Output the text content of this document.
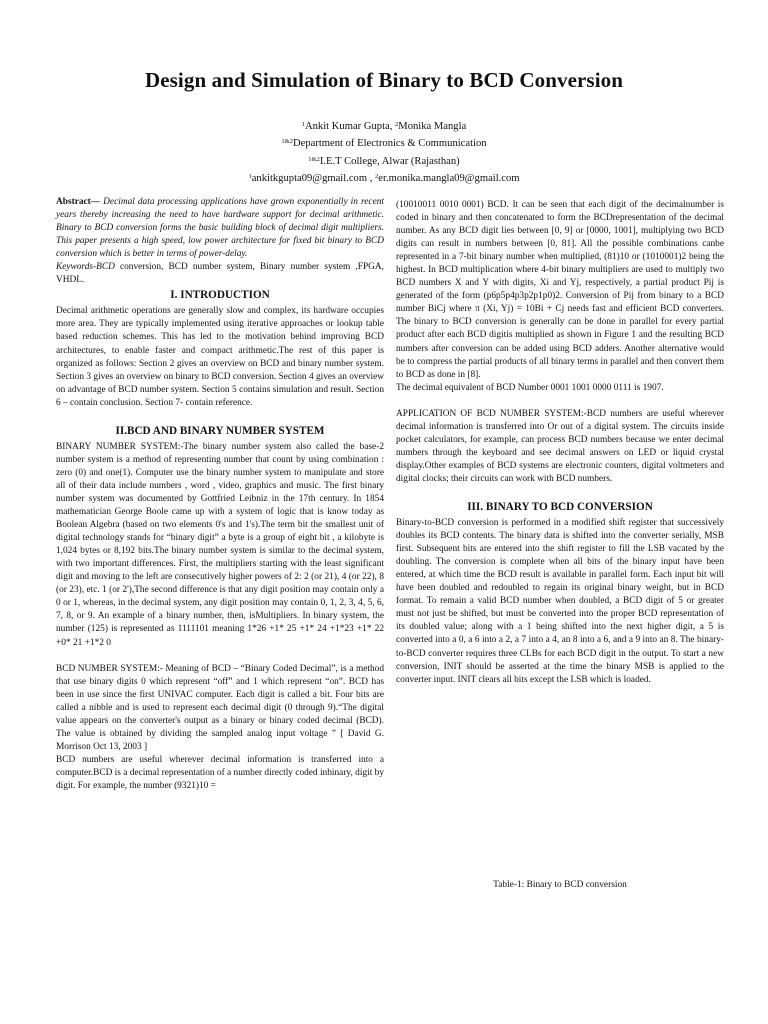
Design and Simulation of Binary to BCD Conversion
$^1$Ankit Kumar Gupta, $^2$Monika Mangla
$^{1\&2}$Department of Electronics & Communication
$^{1\&2}$I.E.T College, Alwar (Rajasthan)
$^1$ankitkgupta09@gmail.com , $^2$er.monika.mangla09@gmail.com

Abstract— Decimal data processing applications have grown exponentially in recent years thereby increasing the need to have hardware support for decimal arithmetic. Binary to BCD conversion forms the basic building block of decimal digit multipliers. This paper presents a high speed, low power architecture for fixed bit binary to BCD conversion which is better in terms of power-delay.

Keywords-BCD conversion, BCD number system, Binary number system ,FPGA, VHDL.

I. INTRODUCTION

Decimal arithmetic operations are generally slow and complex, its hardware occupies more area. They are typically implemented using iterative approaches or lookup table based reduction schemes. This has led to the motivation behind improving BCD architectures, to enable faster and compact arithmetic.The rest of this paper is organized as follows: Section 2 gives an overview on BCD and binary number system. Section 3 gives an overview on binary to BCD conversion. Section 4 gives an overview on advantage of BCD number system. Section 5 contains simulation and result. Section 6 – contain conclusion. Section 7- contain reference.

II.BCD AND BINARY NUMBER SYSTEM

BINARY NUMBER SYSTEM:-The binary number system also called the base-2 number system is a method of representing number that count by using combination : zero (0) and one(1). Computer use the binary number system to manipulate and store all of their data include numbers , word , video, graphics and music. The first binary number system was documented by Gottfried Leibniz in the 17th century. In 1854 mathematician George Boole came up with a system of logic that is know today as Boolean Algebra (based on two elements 0's and 1's).The term bit the smallest unit of digital technology stands for “binary digit” a byte is a group of eight bit , a kilobyte is 1,024 bytes or 8,192 bits.The binary number system is similar to the decimal system, with two important differences. First, the multipliers starting with the least significant digit and moving to the left are consecutively higher powers of 2: 2 (or 21), 4 (or 22), 8 (or 23), etc. 1 (or 2'),The second difference is that any digit position may contain only a 0 or 1, whereas, in the decimal system, any digit position may contain 0, 1, 2, 3, 4, 5, 6, 7, 8, or 9. An example of a binary number, then, isMultipliers. In binary system, the number (125) is represented as 1111101 meaning 1*26 +1* 25 +1* 24 +1*23 +1* 22 +0* 21 +1*2 0

BCD NUMBER SYSTEM:- Meaning of BCD – “Binary Coded Decimal”, is a method that use binary digits 0 which represent “off” and 1 which represent “on”. BCD has been in use since the first UNIVAC computer. Each digit is called a bit. Four bits are called a nibble and is used to represent each decimal digit (0 through 9).“The digital value appears on the converter's output as a binary or binary coded decimal (BCD). The value is obtained by dividing the sampled analog input voltage ” [ David G. Morrison Oct 13, 2003 ]

BCD numbers are useful wherever decimal information is transferred into a computer.BCD is a decimal representation of a number directly coded inbinary, digit by digit. For example, the number (9321)10 =

(10010011 0010 0001) BCD. It can be seen that each digit of the decimalnumber is coded in binary and then concatenated to form the BCDrepresentation of the decimal number. As any BCD digit lies between [0, 9] or [0000, 1001], multiplying two BCD digits can result in numbers between [0, 81]. All the possible combinations canbe represented in a 7-bit binary number when multiplied, (81)10 or (1010001)2 being the highest. In BCD multiplication where 4-bit binary multipliers are used to multiply two BCD numbers X and Y with digits, Xi and Yj, respectively, a partial product Pij is generated of the form (p6p5p4p3p2p1p0)2. Conversion of Pij from binary to a BCD number BiCj where π (Xi, Yj) = 10Bi + Cj needs fast and efficient BCD converters. The binary to BCD conversion is generally can be done in parallel for every partial product after each BCD digitis multiplied as shown in Figure 1 and the resulting BCD numbers after conversion can be added using BCD adders. Another alternative would be to compress the partial products of all binary terms in parallel and then convert them to BCD as done in [8].

The decimal equivalent of BCD Number 0001 1001 0000 0111 is 1907.

APPLICATION OF BCD NUMBER SYSTEM:-BCD numbers are useful wherever decimal information is transferred into Or out of a digital system. The circuits inside pocket calculators, for example, can process BCD numbers because we enter decimal numbers through the keyboard and see decimal answers on LED or liquid crystal display.Other examples of BCD systems are electronic counters, digital voltmeters and digital clocks; their circuits can work with BCD numbers.

III. BINARY TO BCD CONVERSION

Binary-to-BCD conversion is performed in a modified shift register that successively doubles its BCD contents. The binary data is shifted into the converter serially, MSB first. Subsequent bits are entered into the shift register to fill the LSB vacated by the doubling. The conversion is complete when all bits of the binary input have been entered, at which time the BCD result is available in parallel form. Each input bit will have been doubled and redoubled to regain its original binary weight, but in BCD format. To remain a valid BCD number when doubled, a BCD digit of 5 or greater must not just be shifted, but must be converted into the proper BCD representation of its doubled value; along with a 1 being shifted into the next higher digit, a 5 is converted into a 0, a 6 into a 2, a 7 into a 4, an 8 into a 6, and a 9 into an 8. The binary-to-BCD converter requires three CLBs for each BCD digit in the output. To start a new conversion, INIT should be asserted at the time the binary MSB is applied to the converter input. INIT clears all bits except the LSB which is loaded.

Table-1: Binary to BCD conversion
